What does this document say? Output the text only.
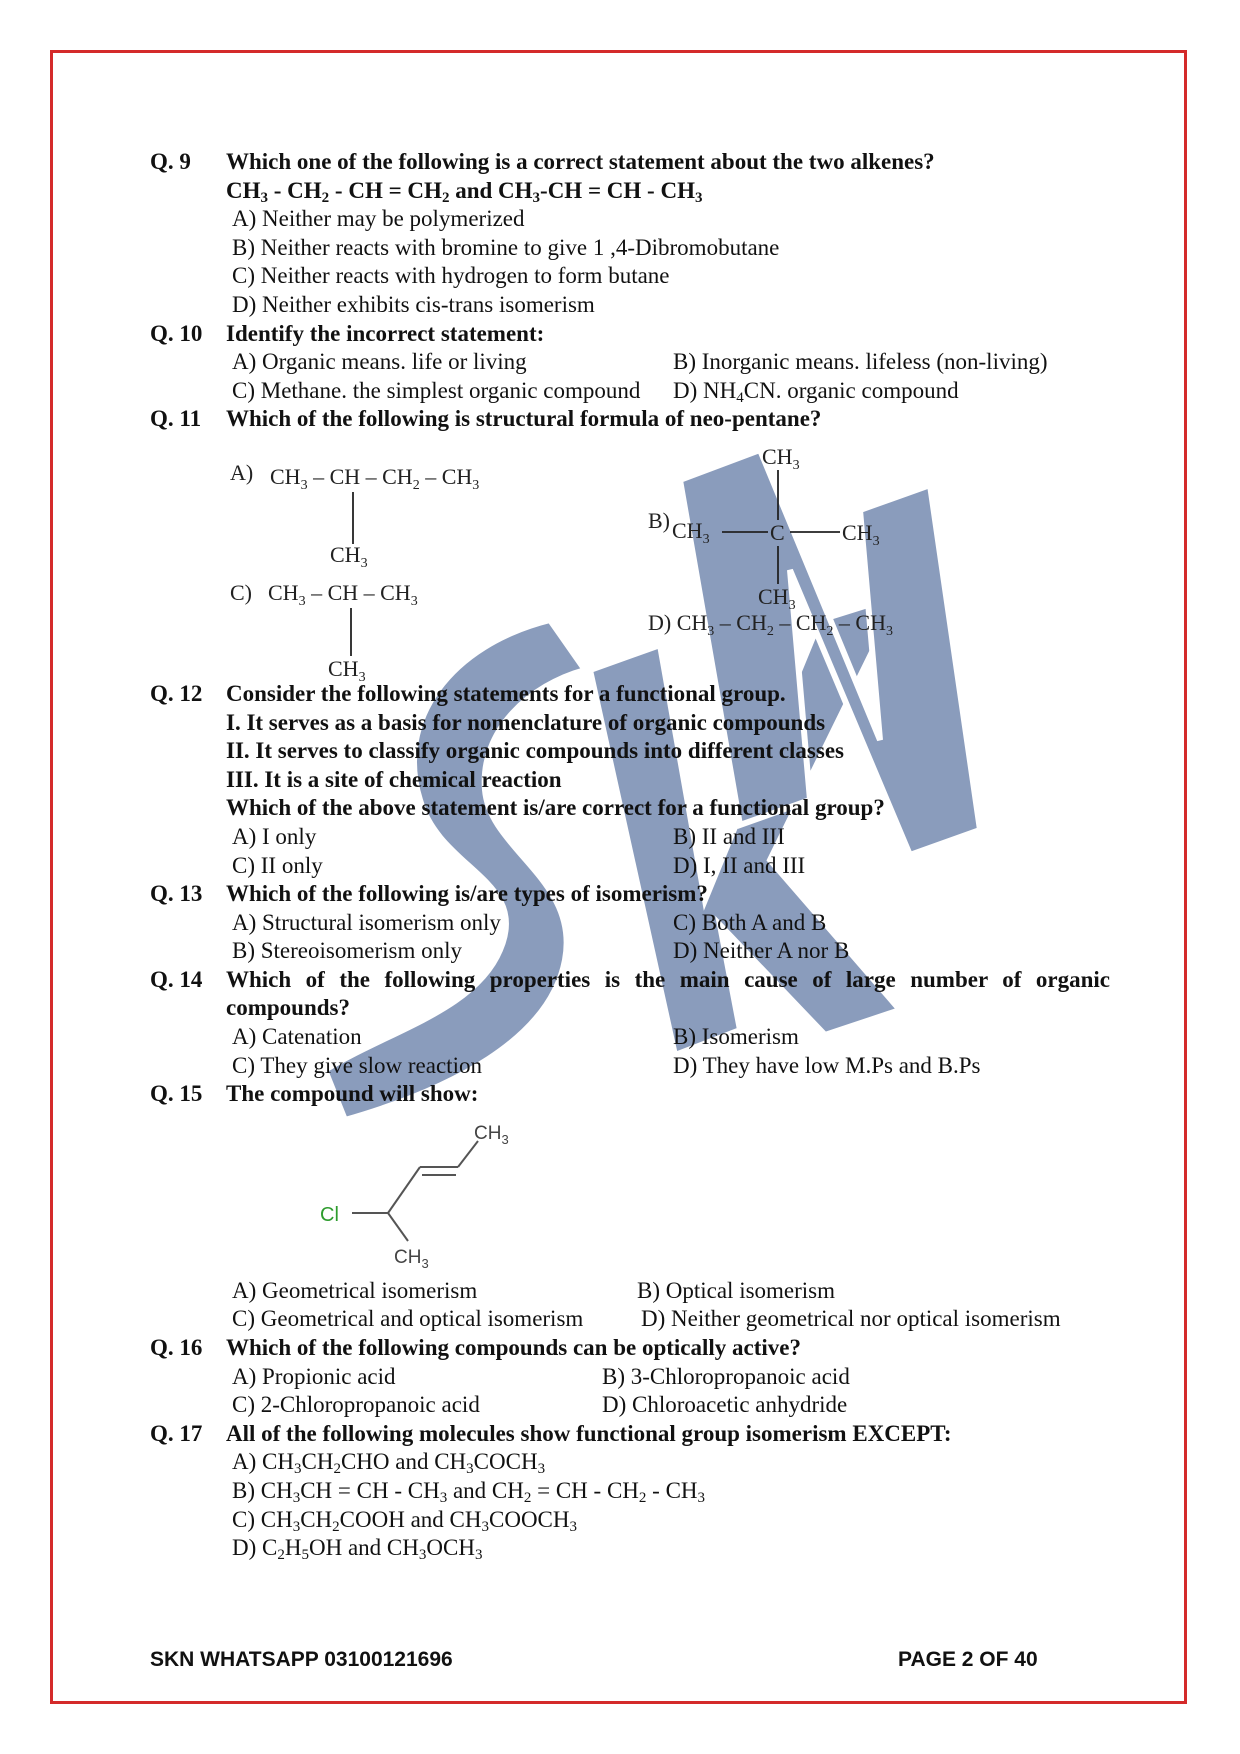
Q. 9	Which one of the following is a correct statement about the two alkenes?
$CH_3 - CH_2$ - CH = $CH_2$ and $CH_3-CH$ = CH - $CH_3$
A) Neither may be polymerized
B) Neither reacts with bromine to give 1 ,4-Dibromobutane
C) Neither reacts with hydrogen to form butane
D) Neither exhibits cis-trans isomerism
Q. 10	Identify the incorrect statement:
A) Organic means. life or living	B) Inorganic means. lifeless (non-living)
C) Methane. the simplest organic compound D) $NH_4CN$. organic compound
Q. 11	Which of the following is structural formula of neo-pentane?
A) $CH_3$ – CH – $CH_2 - CH_3$
$CH_3$
C) $CH_3$ – CH – $CH_3$
$CH_3$
B)
$CH_3$
$CH_3$	C	$CH_3$
$CH_3$
D) $CH_3 - CH_2 - CH_2 - CH_3$
Q. 12	Consider the following statements for a functional group.
I. It serves as a basis for nomenclature of organic compounds
II. It serves to classify organic compounds into different classes
III. It is a site of chemical reaction
Which of the above statement is/are correct for a functional group?
A) I only	B) II and III
C) II only	D) I, II and III
Q. 13	Which of the following is/are types of isomerism?
A) Structural isomerism only	C) Both A and B
B) Stereoisomerism only	D) Neither A nor B
Q. 14	Which of the following properties is the main cause of large number of organic compounds?
A) Catenation	B) Isomerism
C) They give slow reaction	D) They have low M.Ps and B.Ps
Q. 15	The compound will show:
Cl
$CH_3$
$CH_3$
A) Geometrical isomerism	B) Optical isomerism
C) Geometrical and optical isomerism	D) Neither geometrical nor optical isomerism
Q. 16	Which of the following compounds can be optically active?
A) Propionic acid	B) 3-Chloropropanoic acid
C) 2-Chloropropanoic acid	D) Chloroacetic anhydride
Q. 17	All of the following molecules show functional group isomerism EXCEPT:
A) $CH_3CH_2CHO$ and $CH_3COCH_3$
B) $CH_3CH$ = CH - $CH_3$ and $CH_2$ = CH - $CH_2 - CH_3$
C) $CH_3CH_2COOH$ and $CH_3COOCH_3$
D) $C_2H_5OH$ and $CH_3OCH_3$
SKN WHATSAPP 03100121696	PAGE 2 OF 40
